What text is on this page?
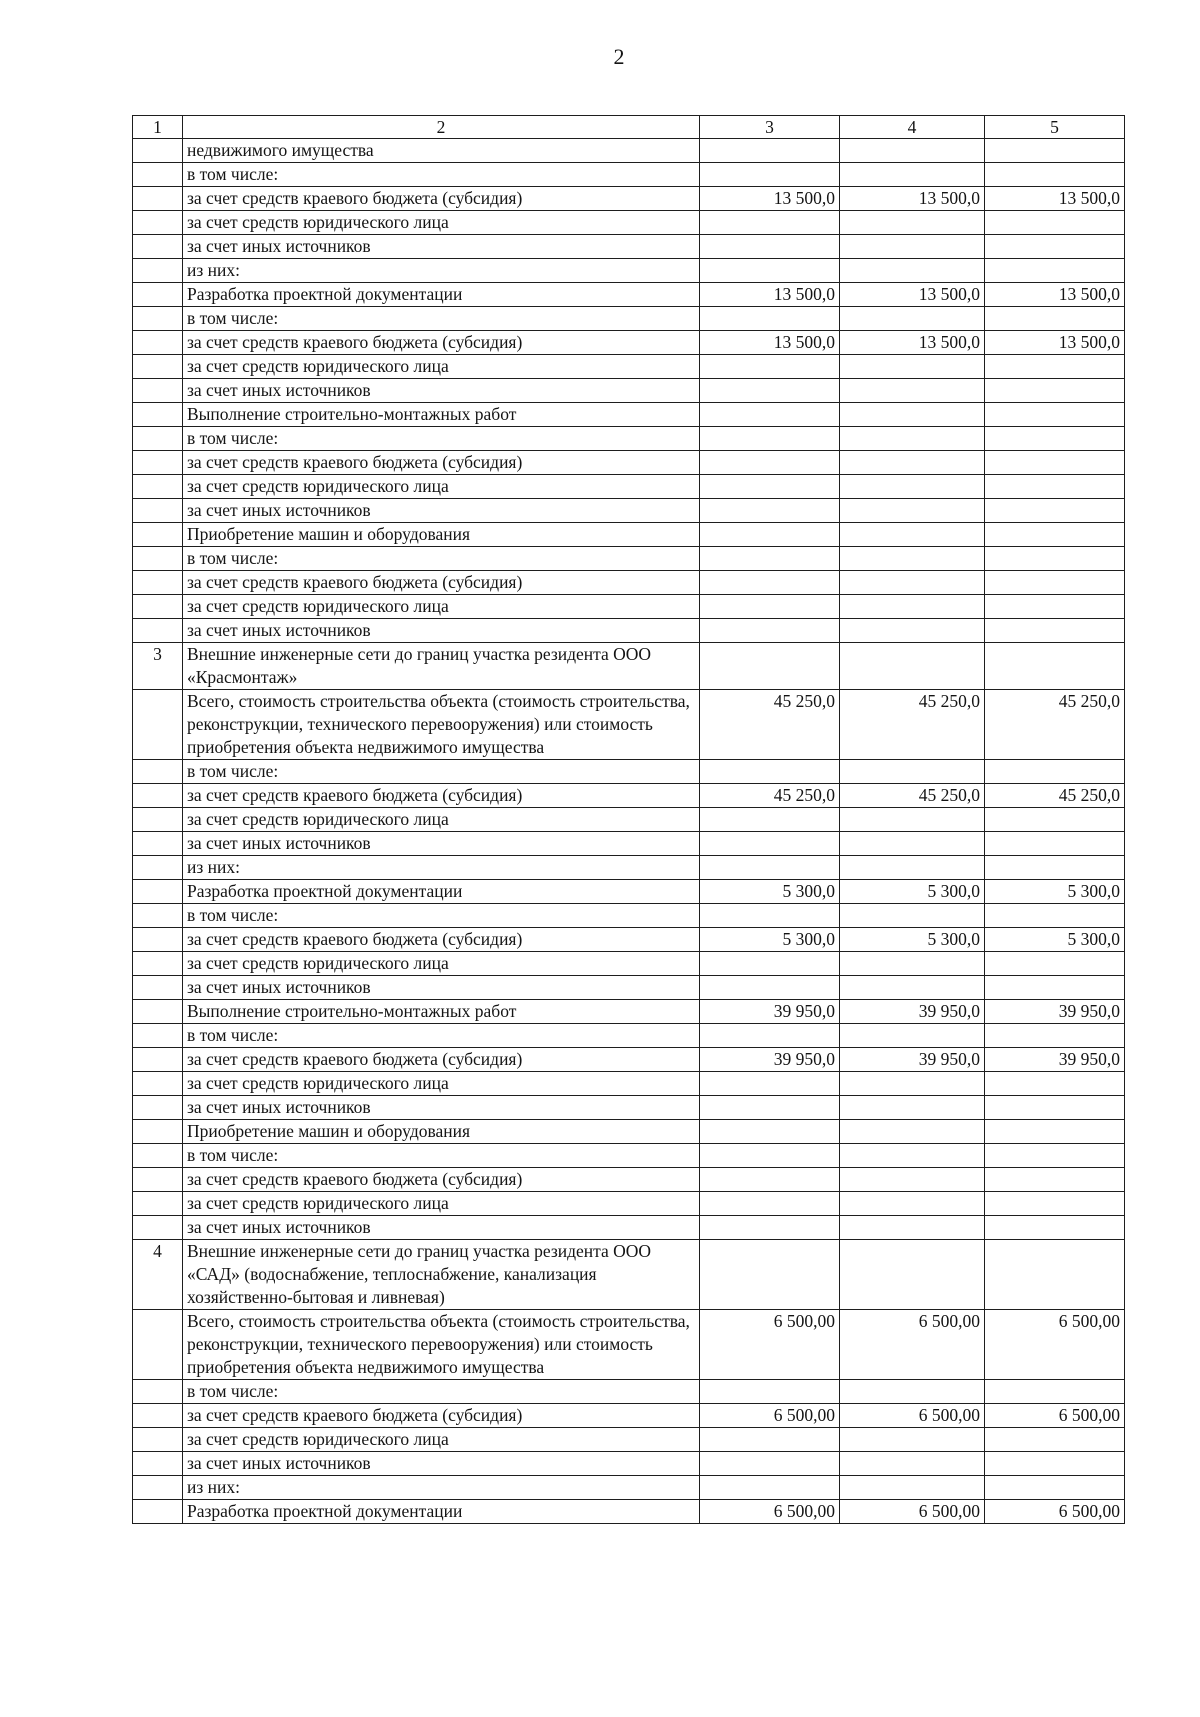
2
1	2	3	4	5
	недвижимого имущества			
	в том числе:			
	за счет средств краевого бюджета (субсидия)	13 500,0	13 500,0	13 500,0
	за счет средств юридического лица			
	за счет иных источников			
	из них:			
	Разработка проектной документации	13 500,0	13 500,0	13 500,0
	в том числе:			
	за счет средств краевого бюджета (субсидия)	13 500,0	13 500,0	13 500,0
	за счет средств юридического лица			
	за счет иных источников			
	Выполнение строительно-монтажных работ			
	в том числе:			
	за счет средств краевого бюджета (субсидия)			
	за счет средств юридического лица			
	за счет иных источников			
	Приобретение машин и оборудования			
	в том числе:			
	за счет средств краевого бюджета (субсидия)			
	за счет средств юридического лица			
	за счет иных источников			
3	Внешние инженерные сети до границ участка резидента ООО «Красмонтаж»			
	Всего, стоимость строительства объекта (стоимость строительства, реконструкции, технического перевооружения) или стоимость приобретения объекта недвижимого имущества	45 250,0	45 250,0	45 250,0
	в том числе:			
	за счет средств краевого бюджета (субсидия)	45 250,0	45 250,0	45 250,0
	за счет средств юридического лица			
	за счет иных источников			
	из них:			
	Разработка проектной документации	5 300,0	5 300,0	5 300,0
	в том числе:			
	за счет средств краевого бюджета (субсидия)	5 300,0	5 300,0	5 300,0
	за счет средств юридического лица			
	за счет иных источников			
	Выполнение строительно-монтажных работ	39 950,0	39 950,0	39 950,0
	в том числе:			
	за счет средств краевого бюджета (субсидия)	39 950,0	39 950,0	39 950,0
	за счет средств юридического лица			
	за счет иных источников			
	Приобретение машин и оборудования			
	в том числе:			
	за счет средств краевого бюджета (субсидия)			
	за счет средств юридического лица			
	за счет иных источников			
4	Внешние инженерные сети до границ участка резидента ООО «САД» (водоснабжение, теплоснабжение, канализация хозяйственно-бытовая и ливневая)			
	Всего, стоимость строительства объекта (стоимость строительства, реконструкции, технического перевооружения) или стоимость приобретения объекта недвижимого имущества	6 500,00	6 500,00	6 500,00
	в том числе:			
	за счет средств краевого бюджета (субсидия)	6 500,00	6 500,00	6 500,00
	за счет средств юридического лица			
	за счет иных источников			
	из них:			
	Разработка проектной документации	6 500,00	6 500,00	6 500,00
